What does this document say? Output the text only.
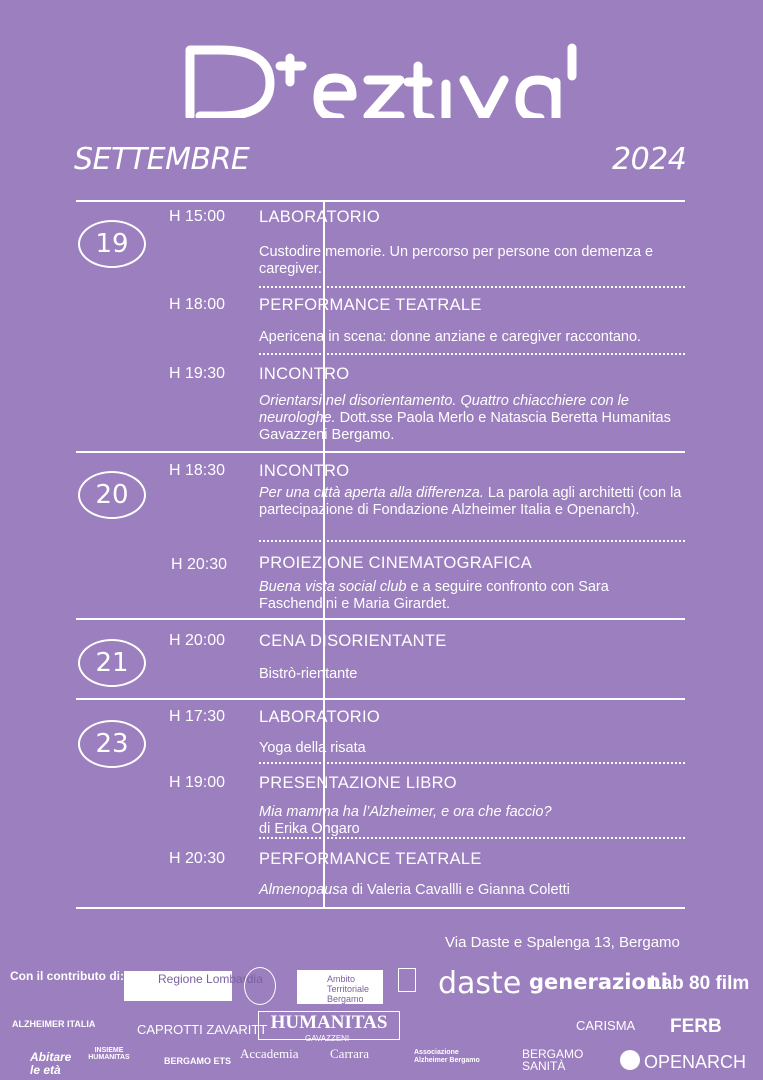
SETTEMBRE	2024
19
H 15:00 LABORATORIO
Custodire memorie. Un percorso per persone con demenza e caregiver.
H 18:00 PERFORMANCE TEATRALE
Apericena in scena: donne anziane e caregiver raccontano.
H 19:30 INCONTRO
Orientarsi nel disorientamento. Quattro chiacchiere con le neurologhe. Dott.sse Paola Merlo e Natascia Beretta Humanitas Gavazzeni Bergamo.
20
H 18:30 INCONTRO
Per una città aperta alla differenza. La parola agli architetti (con la partecipazione di Fondazione Alzheimer Italia e Openarch).
H 20:30 PROIEZIONE CINEMATOGRAFICA
Buena vista social club e a seguire confronto con Sara Faschendini e Maria Girardet.
21
H 20:00 CENA DISORIENTANTE
Bistrò-rientante
23
H 17:30 LABORATORIO
Yoga della risata
H 19:00 PRESENTAZIONE LIBRO
Mia mamma ha l’Alzheimer, e ora che faccio?
di Erika Ongaro
H 20:30 PERFORMANCE TEATRALE
Almenopausa di Valeria Cavallli e Gianna Coletti
Via Daste e Spalenga 13, Bergamo
Con il contributo di:	Regione Lombardia	Ambito Territoriale Bergamo	daste generazioni
Lab 80 film
ALZHEIMER ITALIA	CAPROTTI ZAVARITT HUMANITAS
GAVAZZENI
CARISMA FERB
Abitare le età
INSIEME HUMANITAS	BERGAMO ETS Accademia Carrara	Associazione Alzheimer Bergamo	BERGAMO SANITÀ	OPENARCH
